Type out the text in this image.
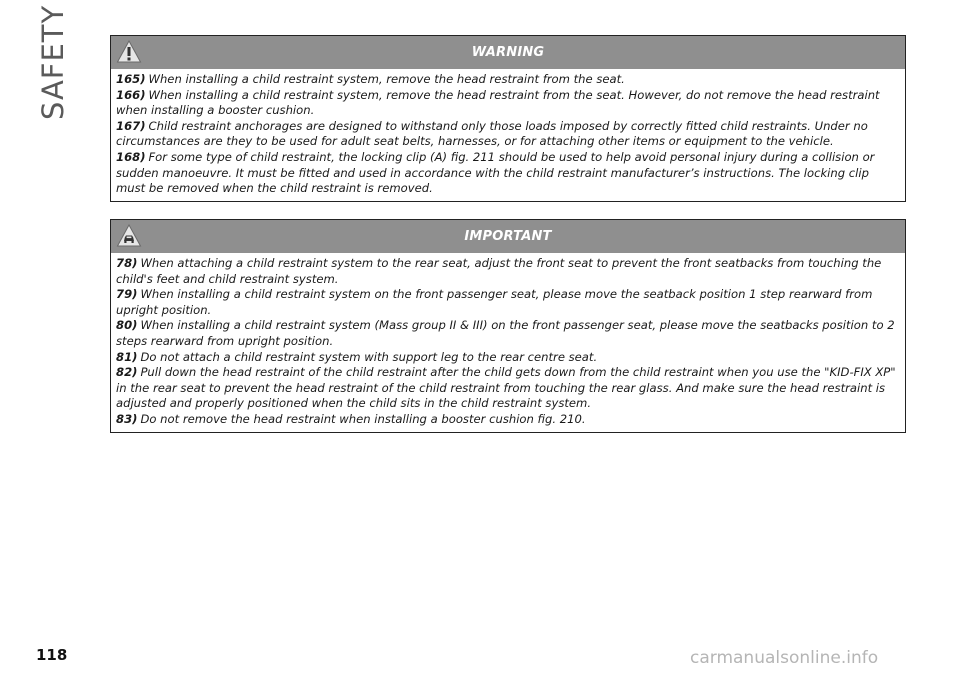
SAFETY	WARNING

165) When installing a child restraint system, remove the head restraint from the seat.

166) When installing a child restraint system, remove the head restraint from the seat. However, do not remove the head restraint when installing a booster cushion.

167) Child restraint anchorages are designed to withstand only those loads imposed by correctly fitted child restraints. Under no circumstances are they to be used for adult seat belts, harnesses, or for attaching other items or equipment to the vehicle.

168) For some type of child restraint, the locking clip (A) fig. 211 should be used to help avoid personal injury during a collision or sudden manoeuvre. It must be fitted and used in accordance with the child restraint manufacturer’s instructions. The locking clip must be removed when the child restraint is removed.

IMPORTANT

78) When attaching a child restraint system to the rear seat, adjust the front seat to prevent the front seatbacks from touching the child's feet and child restraint system.

79) When installing a child restraint system on the front passenger seat, please move the seatback position 1 step rearward from upright position.

80) When installing a child restraint system (Mass group II & III) on the front passenger seat, please move the seatbacks position to 2 steps rearward from upright position.

81) Do not attach a child restraint system with support leg to the rear centre seat.

82) Pull down the head restraint of the child restraint after the child gets down from the child restraint when you use the "KID-FIX XP" in the rear seat to prevent the head restraint of the child restraint from touching the rear glass. And make sure the head restraint is adjusted and properly positioned when the child sits in the child restraint system.

83) Do not remove the head restraint when installing a booster cushion fig. 210.

118	carmanualsonline.info
